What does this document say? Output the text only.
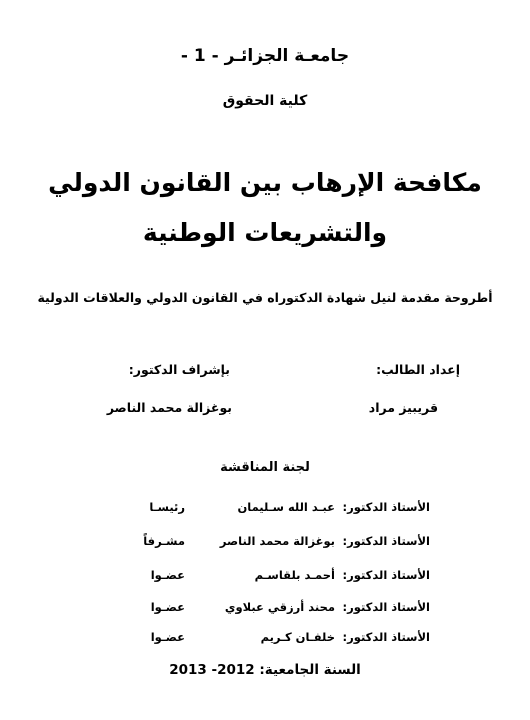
جامعـة الجزائـر - 1 -
كلية الحقوق
مكافحة الإرهاب بين القانون الدولي
والتشريعات الوطنية
أطروحة مقدمة لنيل شهادة الدكتوراه في القانون الدولي والعلاقات الدولية
إعداد الطالب:
بإشراف الدكتور:
قريبيز مراد
بوغزالة محمد الناصر
لجنة المناقشة
الأستاذ الدكتور:
عبـد الله سـليمان
رئيسـا
الأستاذ الدكتور:
بوغزالة محمد الناصر
مشـرفاً
الأستاذ الدكتور:
أحمـد بلقاسـم
عضـوا
الأستاذ الدكتور:
محند أرزقي عبلاوي
عضـوا
الأستاذ الدكتور:
خلفـان كـريم
عضـوا
السنة الجامعية: 2012- 2013
